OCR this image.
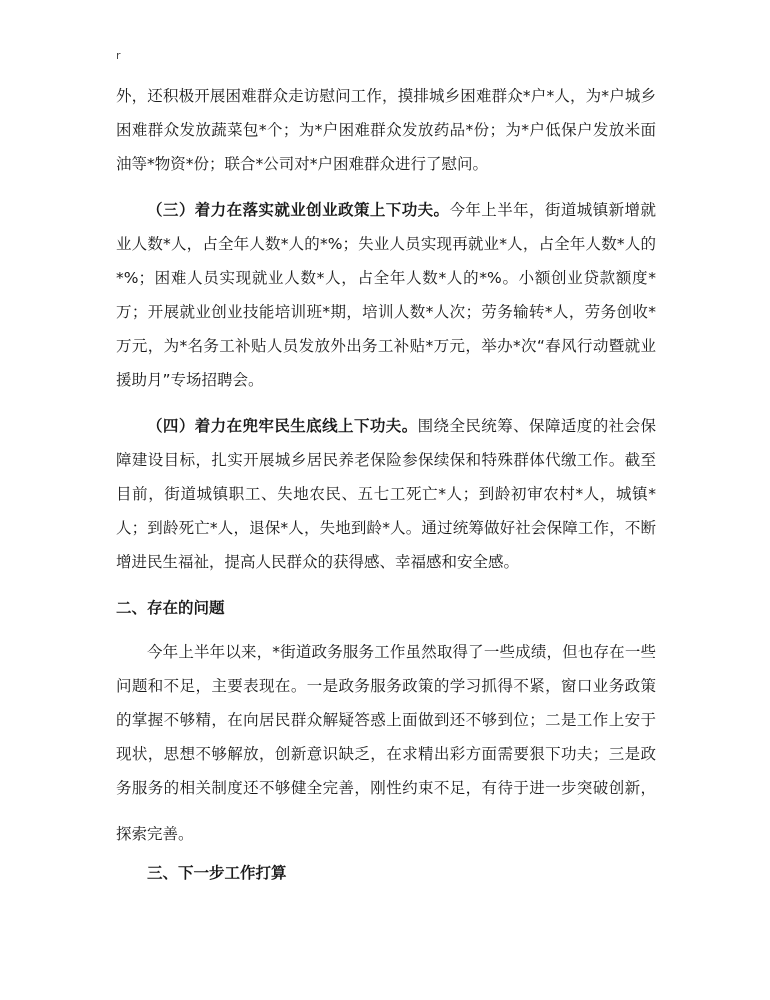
r
外，还积极开展困难群众走访慰问工作，摸排城乡困难群众*户*人，为*户城乡
困难群众发放蔬菜包*个；为*户困难群众发放药品*份；为*户低保户发放米面
油等*物资*份；联合*公司对*户困难群众进行了慰问。
（三）着力在落实就业创业政策上下功夫。今年上半年，街道城镇新增就
业人数*人，占全年人数*人的*%；失业人员实现再就业*人，占全年人数*人的
*%；困难人员实现就业人数*人，占全年人数*人的*%。小额创业贷款额度*
万；开展就业创业技能培训班*期，培训人数*人次；劳务输转*人，劳务创收*
万元，为*名务工补贴人员发放外出务工补贴*万元，举办*次“春风行动暨就业
援助月”专场招聘会。
（四）着力在兜牢民生底线上下功夫。围绕全民统筹、保障适度的社会保
障建设目标，扎实开展城乡居民养老保险参保续保和特殊群体代缴工作。截至
目前，街道城镇职工、失地农民、五七工死亡*人；到龄初审农村*人，城镇*
人；到龄死亡*人，退保*人，失地到龄*人。通过统筹做好社会保障工作，不断
增进民生福祉，提高人民群众的获得感、幸福感和安全感。
二、存在的问题
今年上半年以来，*街道政务服务工作虽然取得了一些成绩，但也存在一些
问题和不足，主要表现在。一是政务服务政策的学习抓得不紧，窗口业务政策
的掌握不够精，在向居民群众解疑答惑上面做到还不够到位；二是工作上安于
现状，思想不够解放，创新意识缺乏，在求精出彩方面需要狠下功夫；三是政
务服务的相关制度还不够健全完善，刚性约束不足，有待于进一步突破创新，
探索完善。
三、下一步工作打算
